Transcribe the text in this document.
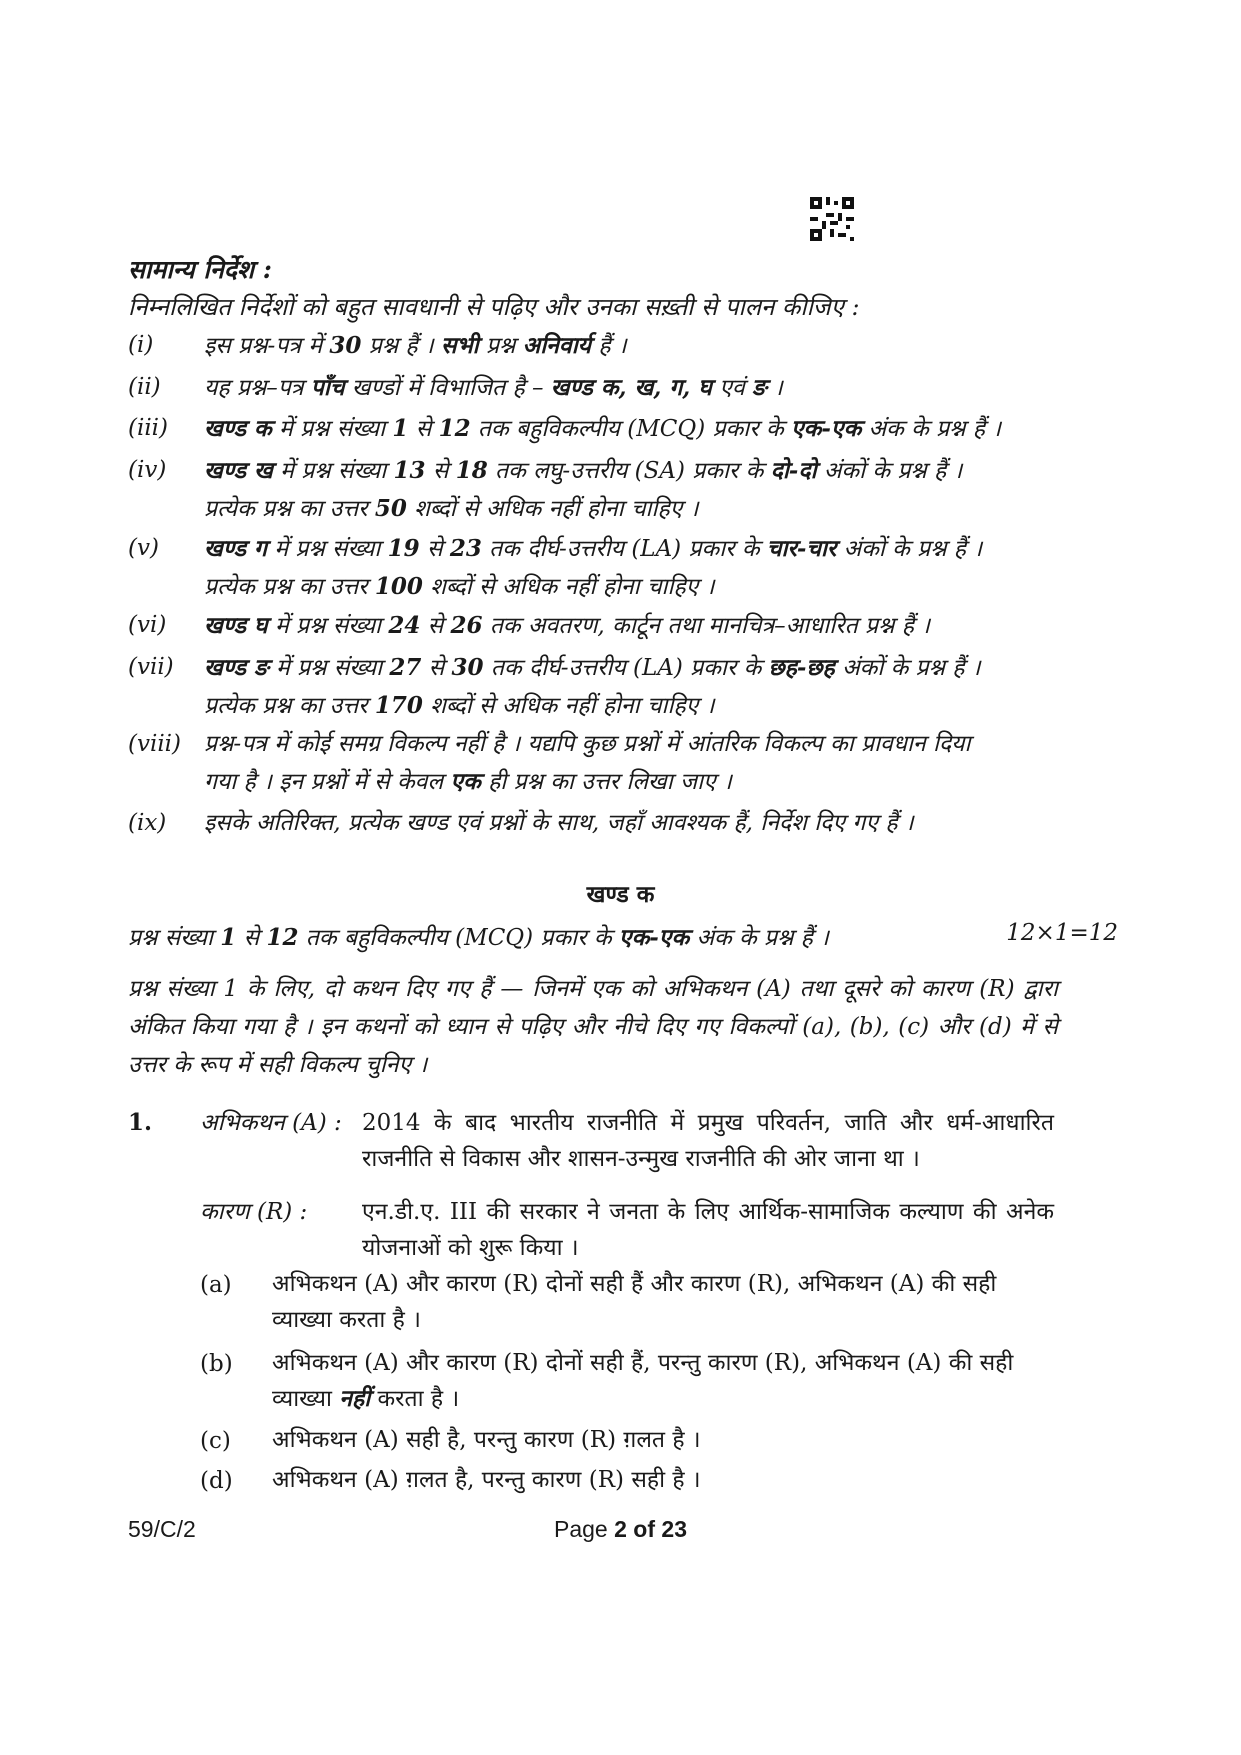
सामान्य निर्देश :
निम्नलिखित निर्देशों को बहुत सावधानी से पढ़िए और उनका सख़्ती से पालन कीजिए :
(i)	इस प्रश्न-पत्र में 30 प्रश्न हैं । सभी प्रश्न अनिवार्य हैं ।
(ii)	यह प्रश्न–पत्र पाँच खण्डों में विभाजित है – खण्ड क, ख, ग, घ एवं ङ ।
(iii)	खण्ड क में प्रश्न संख्या 1 से 12 तक बहुविकल्पीय (MCQ) प्रकार के एक-एक अंक के प्रश्न हैं ।
(iv)	खण्ड ख में प्रश्न संख्या 13 से 18 तक लघु-उत्तरीय (SA) प्रकार के दो-दो अंकों के प्रश्न हैं ।
प्रत्येक प्रश्न का उत्तर 50 शब्दों से अधिक नहीं होना चाहिए ।
(v)	खण्ड ग में प्रश्न संख्या 19 से 23 तक दीर्घ-उत्तरीय (LA) प्रकार के चार-चार अंकों के प्रश्न हैं ।
प्रत्येक प्रश्न का उत्तर 100 शब्दों से अधिक नहीं होना चाहिए ।
(vi)	खण्ड घ में प्रश्न संख्या 24 से 26 तक अवतरण, कार्टून तथा मानचित्र–आधारित प्रश्न हैं ।
(vii)	खण्ड ङ में प्रश्न संख्या 27 से 30 तक दीर्घ-उत्तरीय (LA) प्रकार के छह-छह अंकों के प्रश्न हैं ।
प्रत्येक प्रश्न का उत्तर 170 शब्दों से अधिक नहीं होना चाहिए ।
(viii) प्रश्न-पत्र में कोई समग्र विकल्प नहीं है । यद्यपि कुछ प्रश्नों में आंतरिक विकल्प का प्रावधान दिया
गया है । इन प्रश्नों में से केवल एक ही प्रश्न का उत्तर लिखा जाए ।
(ix)	इसके अतिरिक्त, प्रत्येक खण्ड एवं प्रश्नों के साथ, जहाँ आवश्यक हैं, निर्देश दिए गए हैं ।
खण्ड क
प्रश्न संख्या 1 से 12 तक बहुविकल्पीय (MCQ) प्रकार के एक-एक अंक के प्रश्न हैं ।	12×1=12
प्रश्न संख्या 1 के लिए, दो कथन दिए गए हैं — जिनमें एक को अभिकथन (A) तथा दूसरे को कारण (R) द्वारा अंकित किया गया है । इन कथनों को ध्यान से पढ़िए और नीचे दिए गए विकल्पों (a), (b), (c) और (d) में से उत्तर के रूप में सही विकल्प चुनिए ।
1. अभिकथन (A) : 2014 के बाद भारतीय राजनीति में प्रमुख परिवर्तन, जाति और धर्म-आधारित राजनीति से विकास और शासन-उन्मुख राजनीति की ओर जाना था ।
कारण (R) : एन.डी.ए. III की सरकार ने जनता के लिए आर्थिक-सामाजिक कल्याण की अनेक योजनाओं को शुरू किया ।
(a) अभिकथन (A) और कारण (R) दोनों सही हैं और कारण (R), अभिकथन (A) की सही व्याख्या करता है ।
(b) अभिकथन (A) और कारण (R) दोनों सही हैं, परन्तु कारण (R), अभिकथन (A) की सही व्याख्या नहीं करता है ।
(c) अभिकथन (A) सही है, परन्तु कारण (R) ग़लत है ।
59/C/2	Page 2 of 23
(d) अभिकथन (A) ग़लत है, परन्तु कारण (R) सही है ।
